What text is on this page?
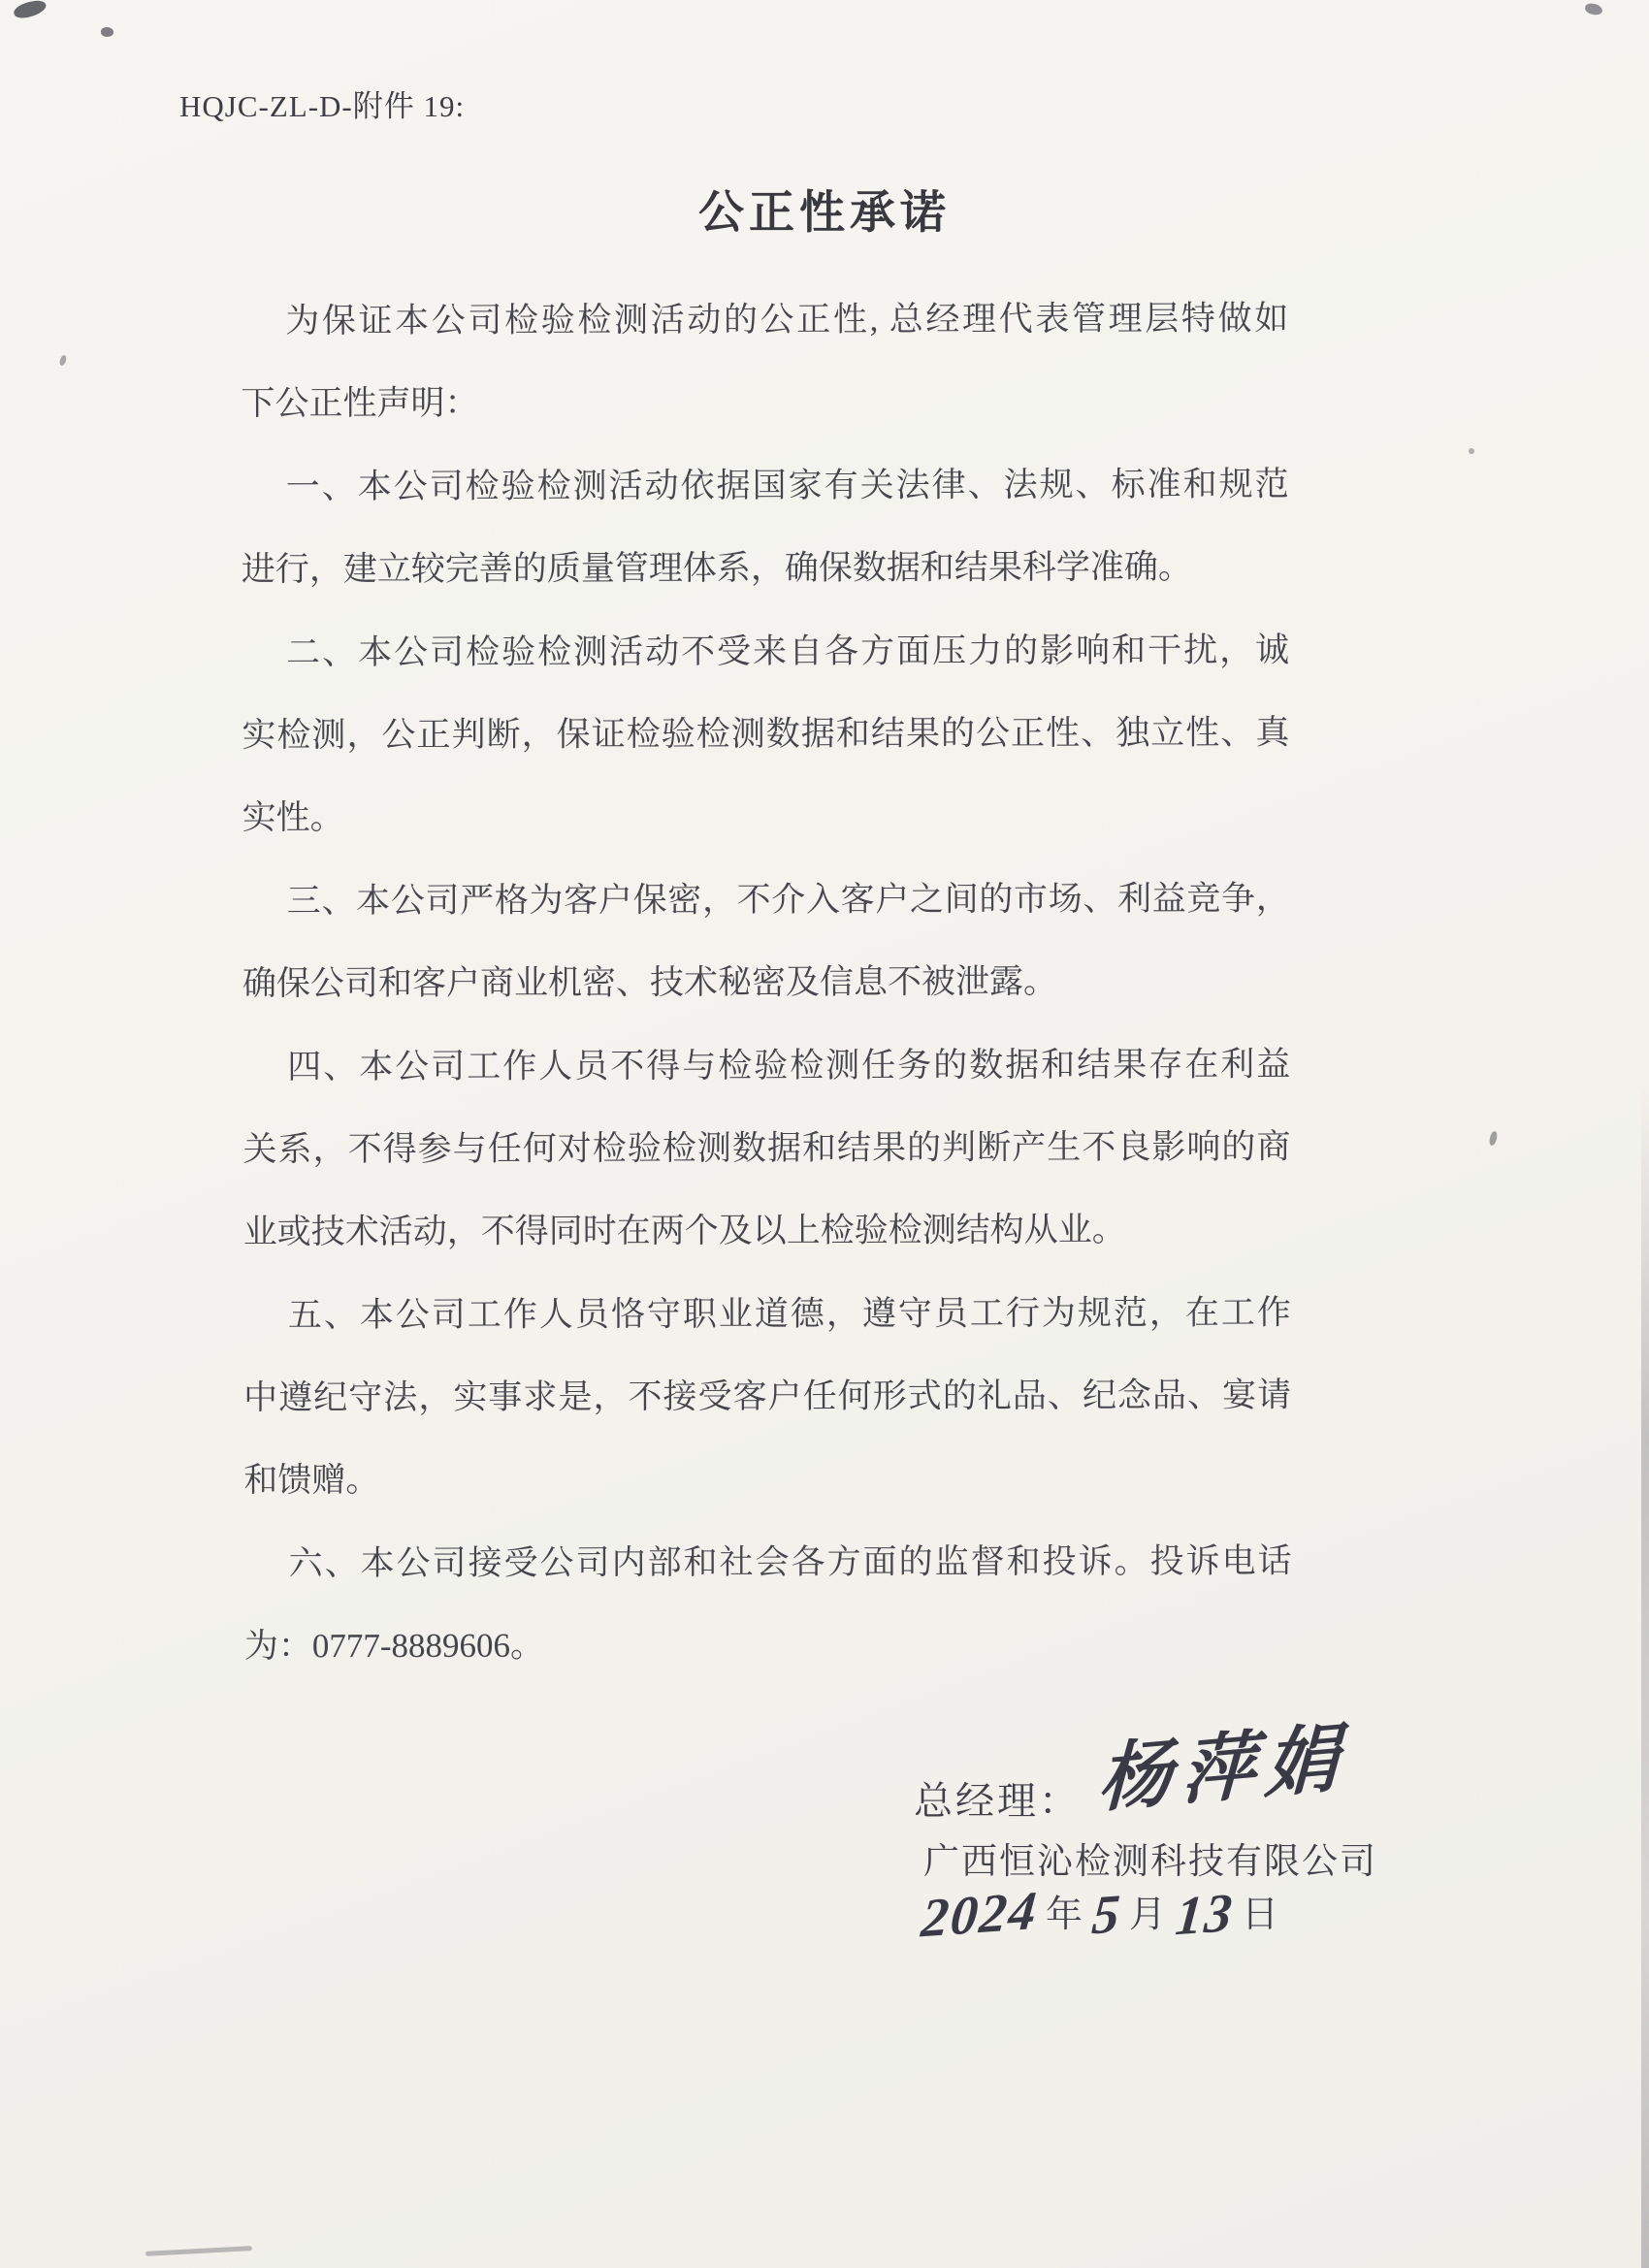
HQJC-ZL-D-附件 19:
公正性承诺
为保证本公司检验检测活动的公正性, 总经理代表管理层特做如
下公正性声明：
一、本公司检验检测活动依据国家有关法律、法规、标准和规范
进行，建立较完善的质量管理体系，确保数据和结果科学准确。
二、本公司检验检测活动不受来自各方面压力的影响和干扰，诚
实检测，公正判断，保证检验检测数据和结果的公正性、独立性、真
实性。
三、本公司严格为客户保密，不介入客户之间的市场、利益竞争，
确保公司和客户商业机密、技术秘密及信息不被泄露。
四、本公司工作人员不得与检验检测任务的数据和结果存在利益
关系，不得参与任何对检验检测数据和结果的判断产生不良影响的商
业或技术活动，不得同时在两个及以上检验检测结构从业。
五、本公司工作人员恪守职业道德，遵守员工行为规范，在工作
中遵纪守法，实事求是，不接受客户任何形式的礼品、纪念品、宴请
和馈赠。
六、本公司接受公司内部和社会各方面的监督和投诉。投诉电话
为：0777-8889606。
总经理： 杨萍娟
广西恒沁检测科技有限公司
2024 年 5 月 13 日
